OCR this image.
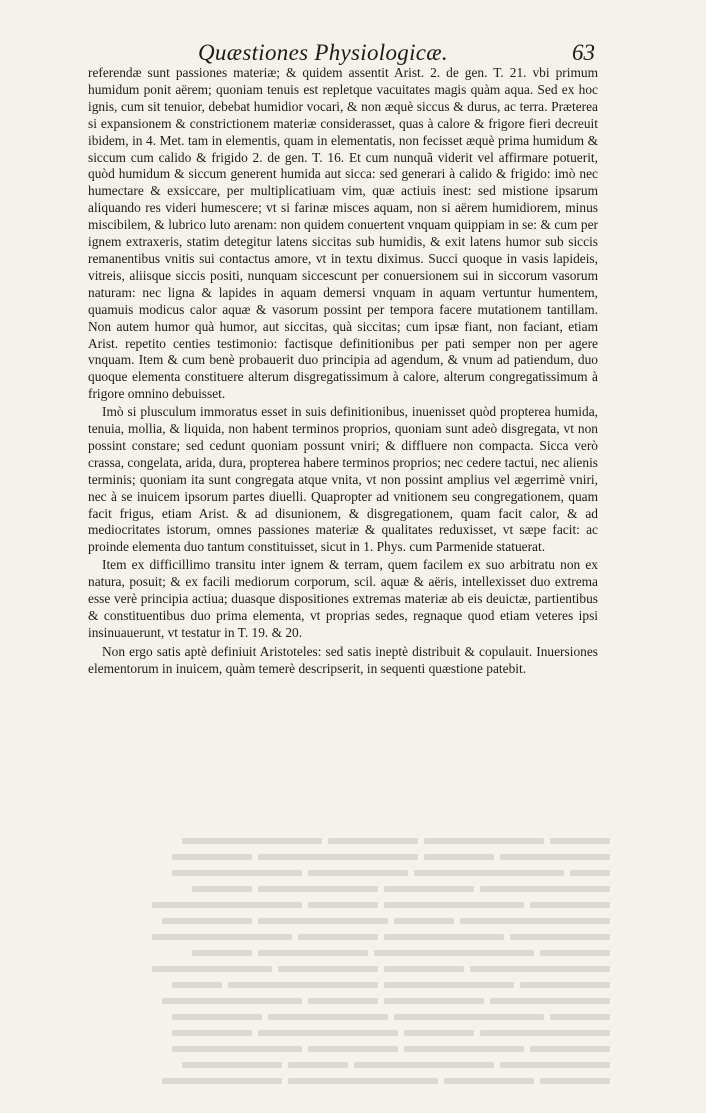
Quæstiones Physiologicæ.	63

referendæ sunt passiones materiæ; & quidem assentit Arist. 2. de gen. T. 21. vbi primum humidum ponit aërem; quoniam tenuis est repletque vacuitates magis quàm aqua. Sed ex hoc ignis, cum sit tenuior, debebat humidior vocari, & non æquè siccus & durus, ac terra. Præterea si expansionem & constrictionem materiæ considerasset, quas à calore & frigore fieri decreuit ibidem, in 4. Met. tam in elementis, quam in elementatis, non fecisset æquè prima humidum & siccum cum calido & frigido 2. de gen. T. 16. Et cum nunquã viderit vel affirmare potuerit, quòd humidum & siccum generent humida aut sicca: sed generari à calido & frigido: imò nec humectare & exsiccare, per multiplicatiuam vim, quæ actiuis inest: sed mistione ipsarum aliquando res videri humescere; vt si farinæ misces aquam, non si aërem humidiorem, minus miscibilem, & lubrico luto arenam: non quidem conuertent vnquam quippiam in se: & cum per ignem extraxeris, statim detegitur latens siccitas sub humidis, & exit latens humor sub siccis remanentibus vnitis sui contactus amore, vt in textu diximus. Succi quoque in vasis lapideis, vitreis, aliisque siccis positi, nunquam siccescunt per conuersionem sui in siccorum vasorum naturam: nec ligna & lapides in aquam demersi vnquam in aquam vertuntur humentem, quamuis modicus calor aquæ & vasorum possint per tempora facere mutationem tantillam. Non autem humor quà humor, aut siccitas, quà siccitas; cum ipsæ fiant, non faciant, etiam Arist. repetito centies testimonio: factisque definitionibus per pati semper non per agere vnquam. Item & cum benè probauerit duo principia ad agendum, & vnum ad patiendum, duo quoque elementa constituere alterum disgregatissimum à calore, alterum congregatissimum à frigore omnino debuisset.

Imò si plusculum immoratus esset in suis definitionibus, inuenisset quòd propterea humida, tenuia, mollia, & liquida, non habent terminos proprios, quoniam sunt adeò disgregata, vt non possint constare; sed cedunt quoniam possunt vniri; & diffluere non compacta. Sicca verò crassa, congelata, arida, dura, propterea habere terminos proprios; nec cedere tactui, nec alienis terminis; quoniam ita sunt congregata atque vnita, vt non possint amplius vel ægerrimè vniri, nec à se inuicem ipsorum partes diuelli. Quapropter ad vnitionem seu congregationem, quam facit frigus, etiam Arist. & ad disunionem, & disgregationem, quam facit calor, & ad mediocritates istorum, omnes passiones materiæ & qualitates reduxisset, vt sæpe facit: ac proinde elementa duo tantum constituisset, sicut in 1. Phys. cum Parmenide statuerat.

Item ex difficillimo transitu inter ignem & terram, quem facilem ex suo arbitratu non ex natura, posuit; & ex facili mediorum corporum, scil. aquæ & aëris, intellexisset duo extrema esse verè principia actiua; duasque dispositiones extremas materiæ ab eis deuictæ, partientibus & constituentibus duo prima elementa, vt proprias sedes, regnaque quod etiam veteres ipsi insinuauerunt, vt testatur in T. 19. & 20.

Non ergo satis aptè definiuit Aristoteles: sed satis ineptè distribuit & copulauit. Inuersiones elementorum in inuicem, quàm temerè descripserit, in sequenti quæstione patebit.
